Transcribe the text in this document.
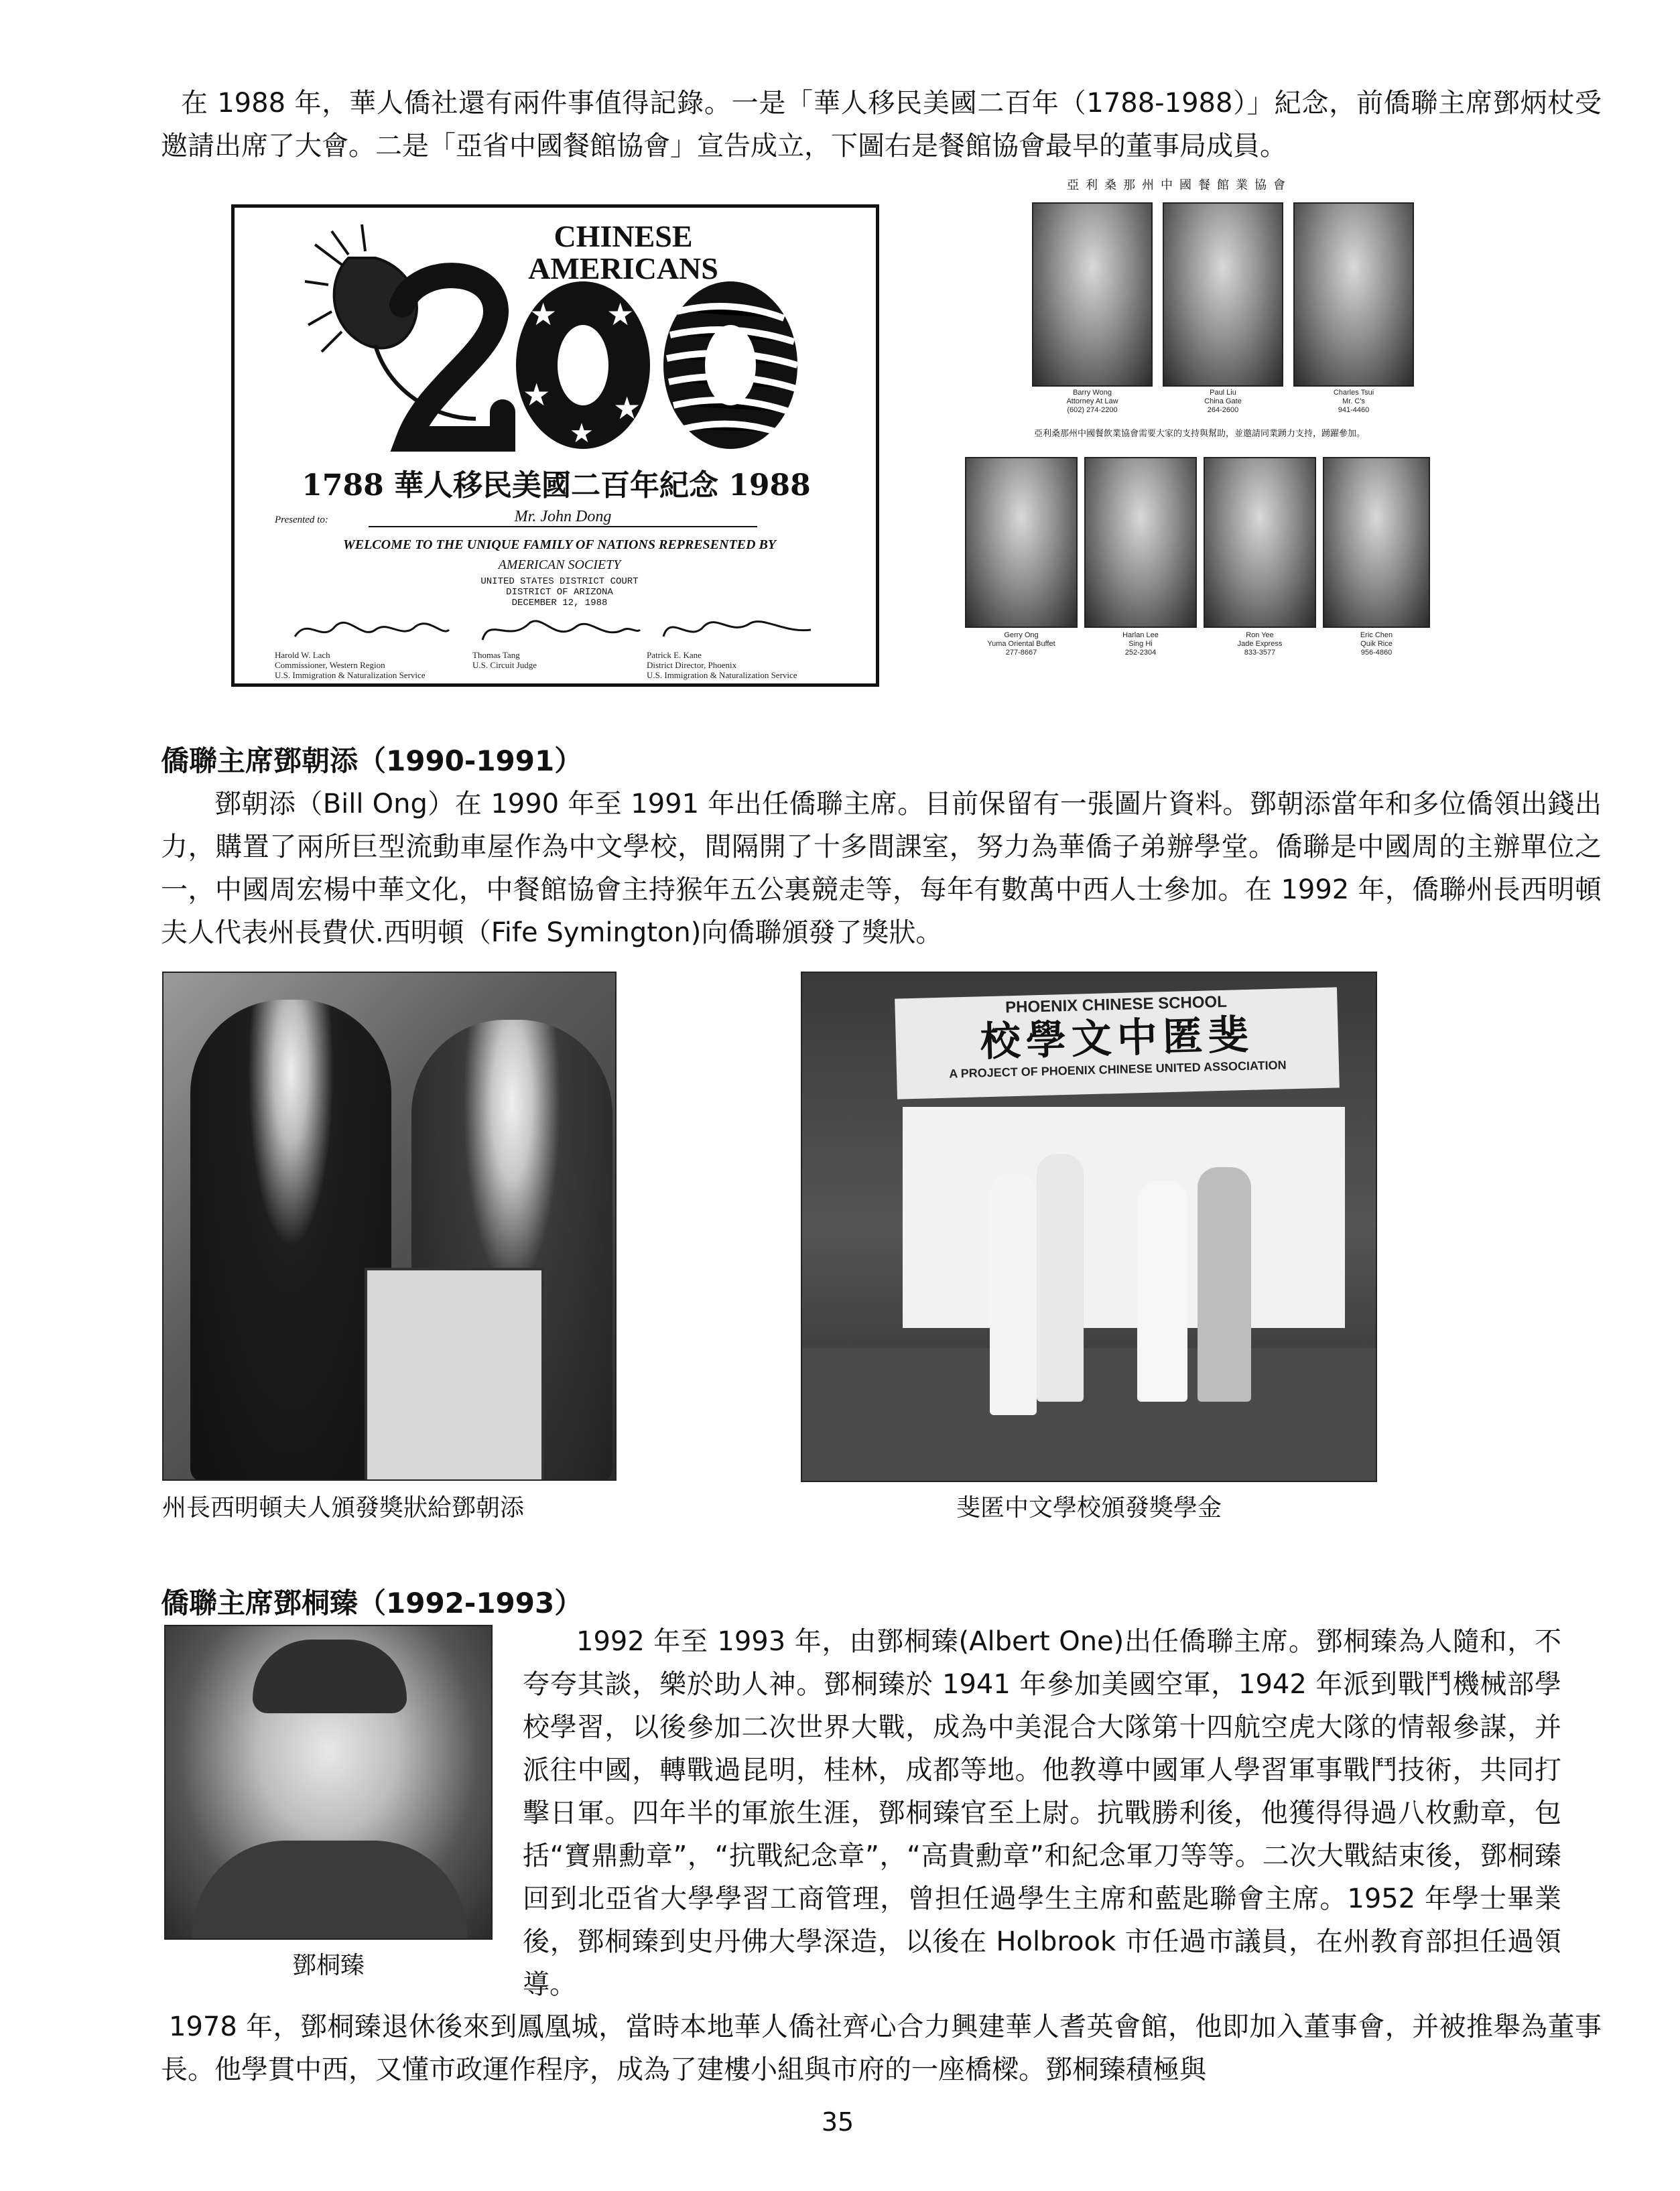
在 1988 年，華人僑社還有兩件事值得記錄。一是「華人移民美國二百年（1788-1988）」紀念，前僑聯主席鄧炳杖受邀請出席了大會。二是「亞省中國餐館協會」宣告成立，下圖右是餐館協會最早的董事局成員。
★ ★
★ ★
★
CHINESE
AMERICANS
1788 華人移民美國二百年紀念 1988
Presented to:	Mr. John Dong
WELCOME TO THE UNIQUE FAMILY OF NATIONS REPRESENTED BY
AMERICAN SOCIETY
UNITED STATES DISTRICT COURT
DISTRICT OF ARIZONA
DECEMBER 12, 1988
Harold W. Lach
Commissioner, Western Region
U.S. Immigration & Naturalization Service
Thomas Tang
U.S. Circuit Judge
Patrick E. Kane
District Director, Phoenix
U.S. Immigration & Naturalization Service
亞利桑那州中國餐館業協會
Barry Wong
Attorney At Law
(602) 274-2200
Paul Liu
China Gate
264-2600
Charles Tsui
Mr. C's
941-4460
亞利桑那州中國餐飲業協會需要大家的支持與幫助，並邀請同業踴力支持，踴躍參加。
Gerry Ong
Yuma Oriental Buffet
277-8667
Harlan Lee
Sing Hi
252-2304
Ron Yee
Jade Express
833-3577
Eric Chen
Quik Rice
956-4860
僑聯主席鄧朝添（1990-1991）
鄧朝添（Bill Ong）在 1990 年至 1991 年出任僑聯主席。目前保留有一張圖片資料。鄧朝添當年和多位僑領出錢出力，購置了兩所巨型流動車屋作為中文學校，間隔開了十多間課室，努力為華僑子弟辦學堂。僑聯是中國周的主辦單位之一，中國周宏楊中華文化，中餐館協會主持猴年五公裏競走等，每年有數萬中西人士參加。在 1992 年，僑聯州長西明頓夫人代表州長費伏.西明頓（Fife Symington)向僑聯頒發了獎狀。
州長西明頓夫人頒發獎狀給鄧朝添
PHOENIX CHINESE SCHOOL
校學文中匿斐
A PROJECT OF PHOENIX CHINESE UNITED ASSOCIATION
斐匿中文學校頒發獎學金
僑聯主席鄧桐臻（1992-1993）
鄧桐臻
1992 年至 1993 年，由鄧桐臻(Albert One)出任僑聯主席。鄧桐臻為人隨和，不夸夸其談，樂於助人神。鄧桐臻於 1941 年參加美國空軍，1942 年派到戰鬥機械部學校學習，以後參加二次世界大戰，成為中美混合大隊第十四航空虎大隊的情報參謀，并派往中國，轉戰過昆明，桂林，成都等地。他教導中國軍人學習軍事戰鬥技術，共同打擊日軍。四年半的軍旅生涯，鄧桐臻官至上尉。抗戰勝利後，他獲得得過八枚勳章，包括“寶鼎勳章”，“抗戰紀念章”，“高貴勳章”和紀念軍刀等等。二次大戰結束後，鄧桐臻回到北亞省大學學習工商管理，曾担任過學生主席和藍匙聯會主席。1952 年學士畢業後，鄧桐臻到史丹佛大學深造，以後在 Holbrook 市任過市議員，在州教育部担任過領導。
1978 年，鄧桐臻退休後來到鳳凰城，當時本地華人僑社齊心合力興建華人耆英會館，他即加入董事會，并被推舉為董事長。他學貫中西，又懂市政運作程序，成為了建樓小組與市府的一座橋樑。鄧桐臻積極與
35
